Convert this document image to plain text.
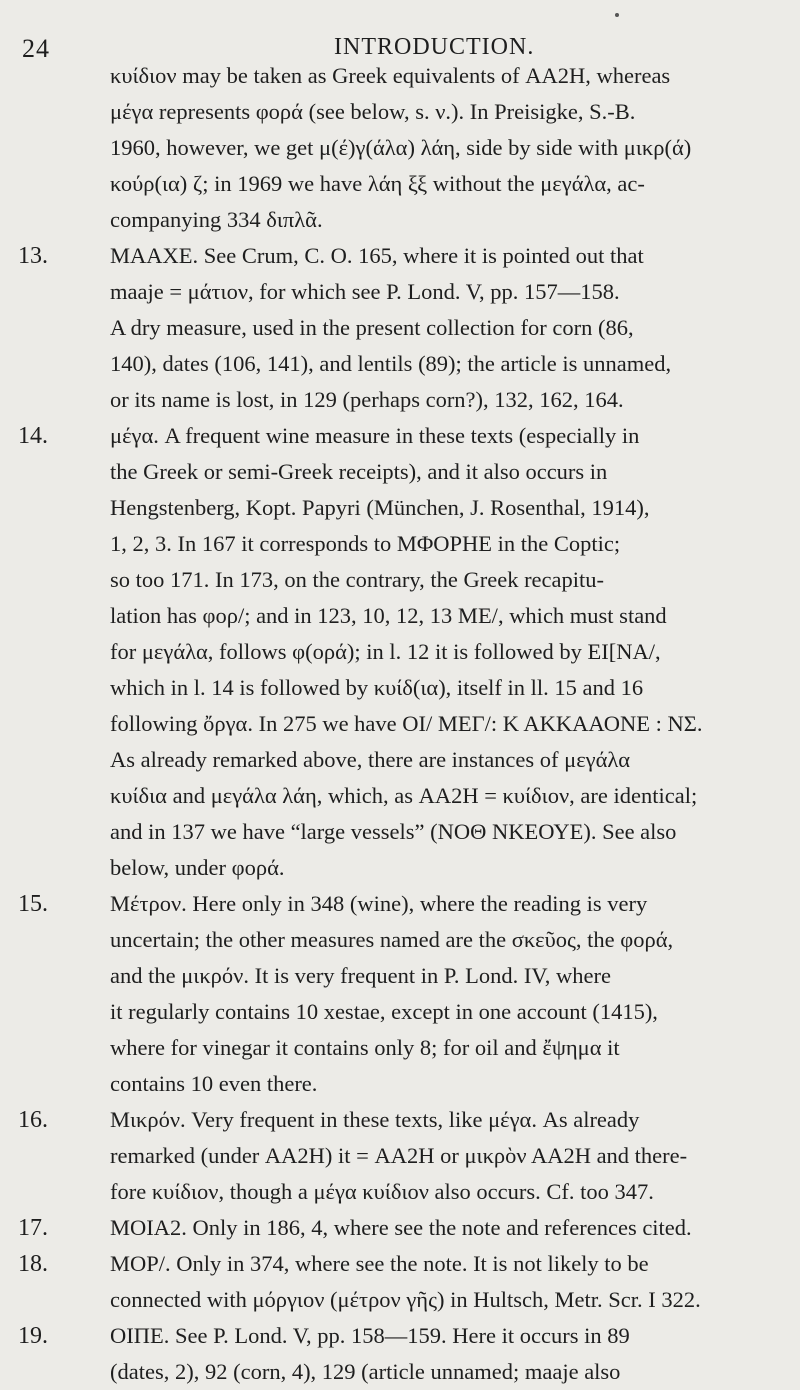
24	INTRODUCTION.
κυίδιον may be taken as Greek equivalents of ΑΑ2Η, whereas
μέγα represents φορά (see below, s. ν.). In Preisigke, S.-B.
1960, however, we get μ(έ)γ(άλα) λάη, side by side with μικρ(ά)
κούρ(ια) ζ; in 1969 we have λάη ξξ without the μεγάλα, ac-
companying 334 διπλᾶ.
13.	ΜΑΑΧΕ. See Crum, C. O. 165, where it is pointed out that
maaje = μάτιον, for which see P. Lond. V, pp. 157—158.
A dry measure, used in the present collection for corn (86,
140), dates (106, 141), and lentils (89); the article is unnamed,
or its name is lost, in 129 (perhaps corn?), 132, 162, 164.
14.	μέγα. A frequent wine measure in these texts (especially in
the Greek or semi-Greek receipts), and it also occurs in
Hengstenberg, Kopt. Papyri (München, J. Rosenthal, 1914),
1, 2, 3. In 167 it corresponds to ΜΦΟΡΗΕ in the Coptic;
so too 171. In 173, on the contrary, the Greek recapitu-
lation has φορ/; and in 123, 10, 12, 13 ΜΕ/, which must stand
for μεγάλα, follows φ(ορά); in l. 12 it is followed by ΕΙ[ΝΑ/,
which in l. 14 is followed by κυίδ(ια), itself in ll. 15 and 16
following ὄργα. In 275 we have ΟΙ/ ΜΕΓ/: Κ ΑΚΚΑΑΟΝΕ : ΝΣ.
As already remarked above, there are instances of μεγάλα
κυίδια and μεγάλα λάη, which, as ΑΑ2Η = κυίδιον, are identical;
and in 137 we have “large vessels” (ΝΟΘ ΝΚΕΟΥΕ). See also
below, under φορά.
15.	Μέτρον. Here only in 348 (wine), where the reading is very
uncertain; the other measures named are the σκεῦος, the φορά,
and the μικρόν. It is very frequent in P. Lond. IV, where
it regularly contains 10 xestae, except in one account (1415),
where for vinegar it contains only 8; for oil and ἔψημα it
contains 10 even there.
16.	Μικρόν. Very frequent in these texts, like μέγα. As already
remarked (under ΑΑ2Η) it = ΑΑ2Η or μικρὸν ΑΑ2Η and there-
fore κυίδιον, though a μέγα κυίδιον also occurs. Cf. too 347.
17.	ΜΟΙΑ2. Only in 186, 4, where see the note and references cited.
18.	ΜΟΡ/. Only in 374, where see the note. It is not likely to be
connected with μόργιον (μέτρον γῆς) in Hultsch, Metr. Scr. I 322.
19.	ΟΙΠΕ. See P. Lond. V, pp. 158—159. Here it occurs in 89
(dates, 2), 92 (corn, 4), 129 (article unnamed; maaje also
